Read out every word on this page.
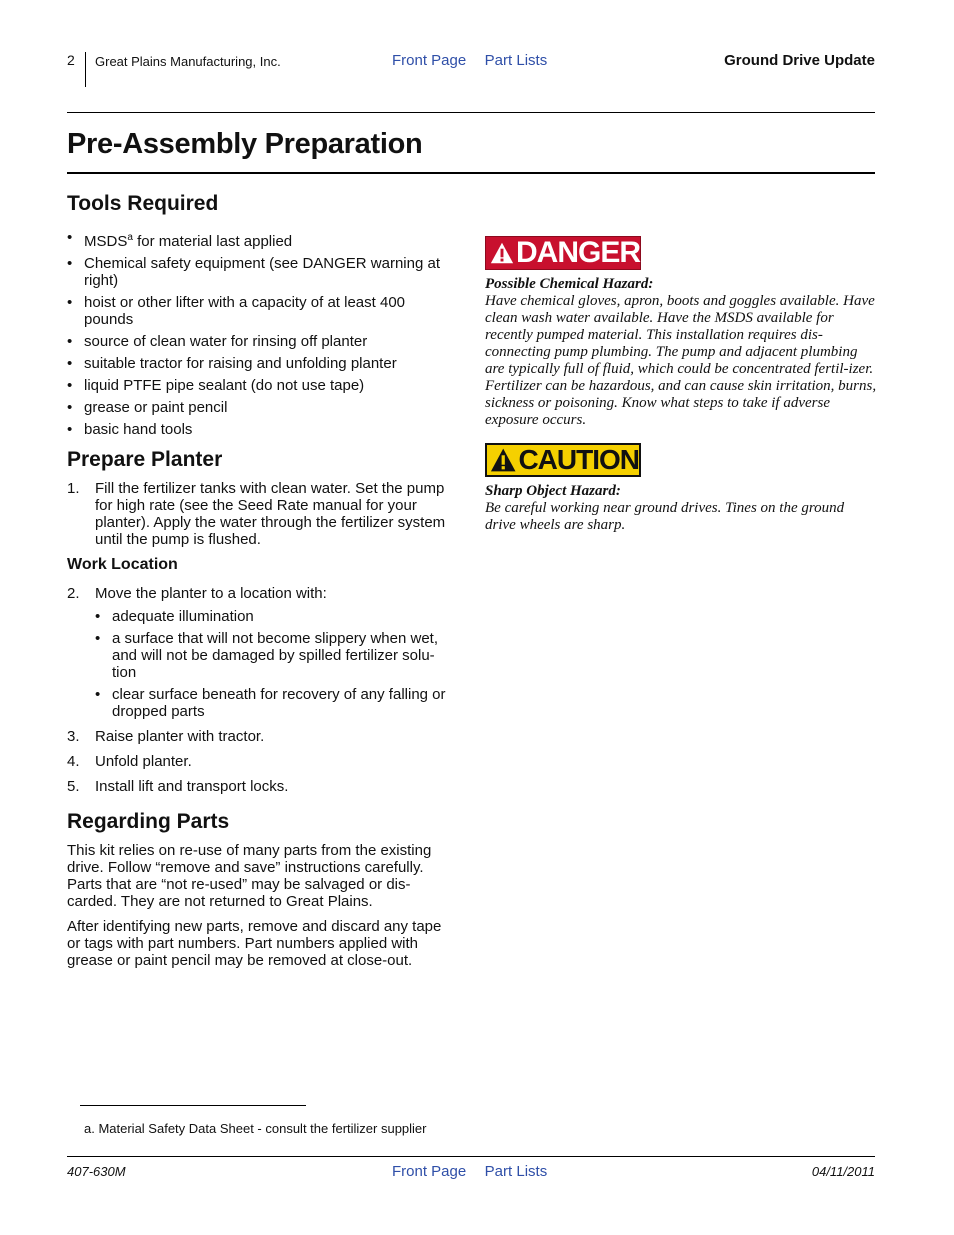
2 Great Plains Manufacturing, Inc.	Front Page Part Lists	Ground Drive Update
Pre-Assembly Preparation
Tools Required
• MSDS$^a$ for material last applied
• Chemical safety equipment (see DANGER warning at right)
• hoist or other lifter with a capacity of at least 400 pounds
• source of clean water for rinsing off planter
• suitable tractor for raising and unfolding planter
• liquid PTFE pipe sealant (do not use tape)
• grease or paint pencil
• basic hand tools
Prepare Planter
1. Fill the fertilizer tanks with clean water. Set the pump for high rate (see the Seed Rate manual for your planter). Apply the water through the fertilizer system until the pump is flushed.
Work Location
2. Move the planter to a location with:
• adequate illumination
• a surface that will not become slippery when wet, and will not be damaged by spilled fertilizer solu-tion
• clear surface beneath for recovery of any falling or dropped parts
3. Raise planter with tractor.
4. Unfold planter.
5. Install lift and transport locks.
Regarding Parts
This kit relies on re-use of many parts from the existing drive. Follow “remove and save” instructions carefully. Parts that are “not re-used” may be salvaged or dis-carded. They are not returned to Great Plains.
After identifying new parts, remove and discard any tape or tags with part numbers. Part numbers applied with grease or paint pencil may be removed at close-out.
DANGER
Possible Chemical Hazard:
Have chemical gloves, apron, boots and goggles available. Have clean wash water available. Have the MSDS available for recently pumped material. This installation requires dis-connecting pump plumbing. The pump and adjacent plumbing are typically full of fluid, which could be concentrated fertil-izer. Fertilizer can be hazardous, and can cause skin irritation, burns, sickness or poisoning. Know what steps to take if adverse exposure occurs.
CAUTION
Sharp Object Hazard:
Be careful working near ground drives. Tines on the ground drive wheels are sharp.
a. Material Safety Data Sheet - consult the fertilizer supplier
407-630M	Front Page Part Lists	04/11/2011
